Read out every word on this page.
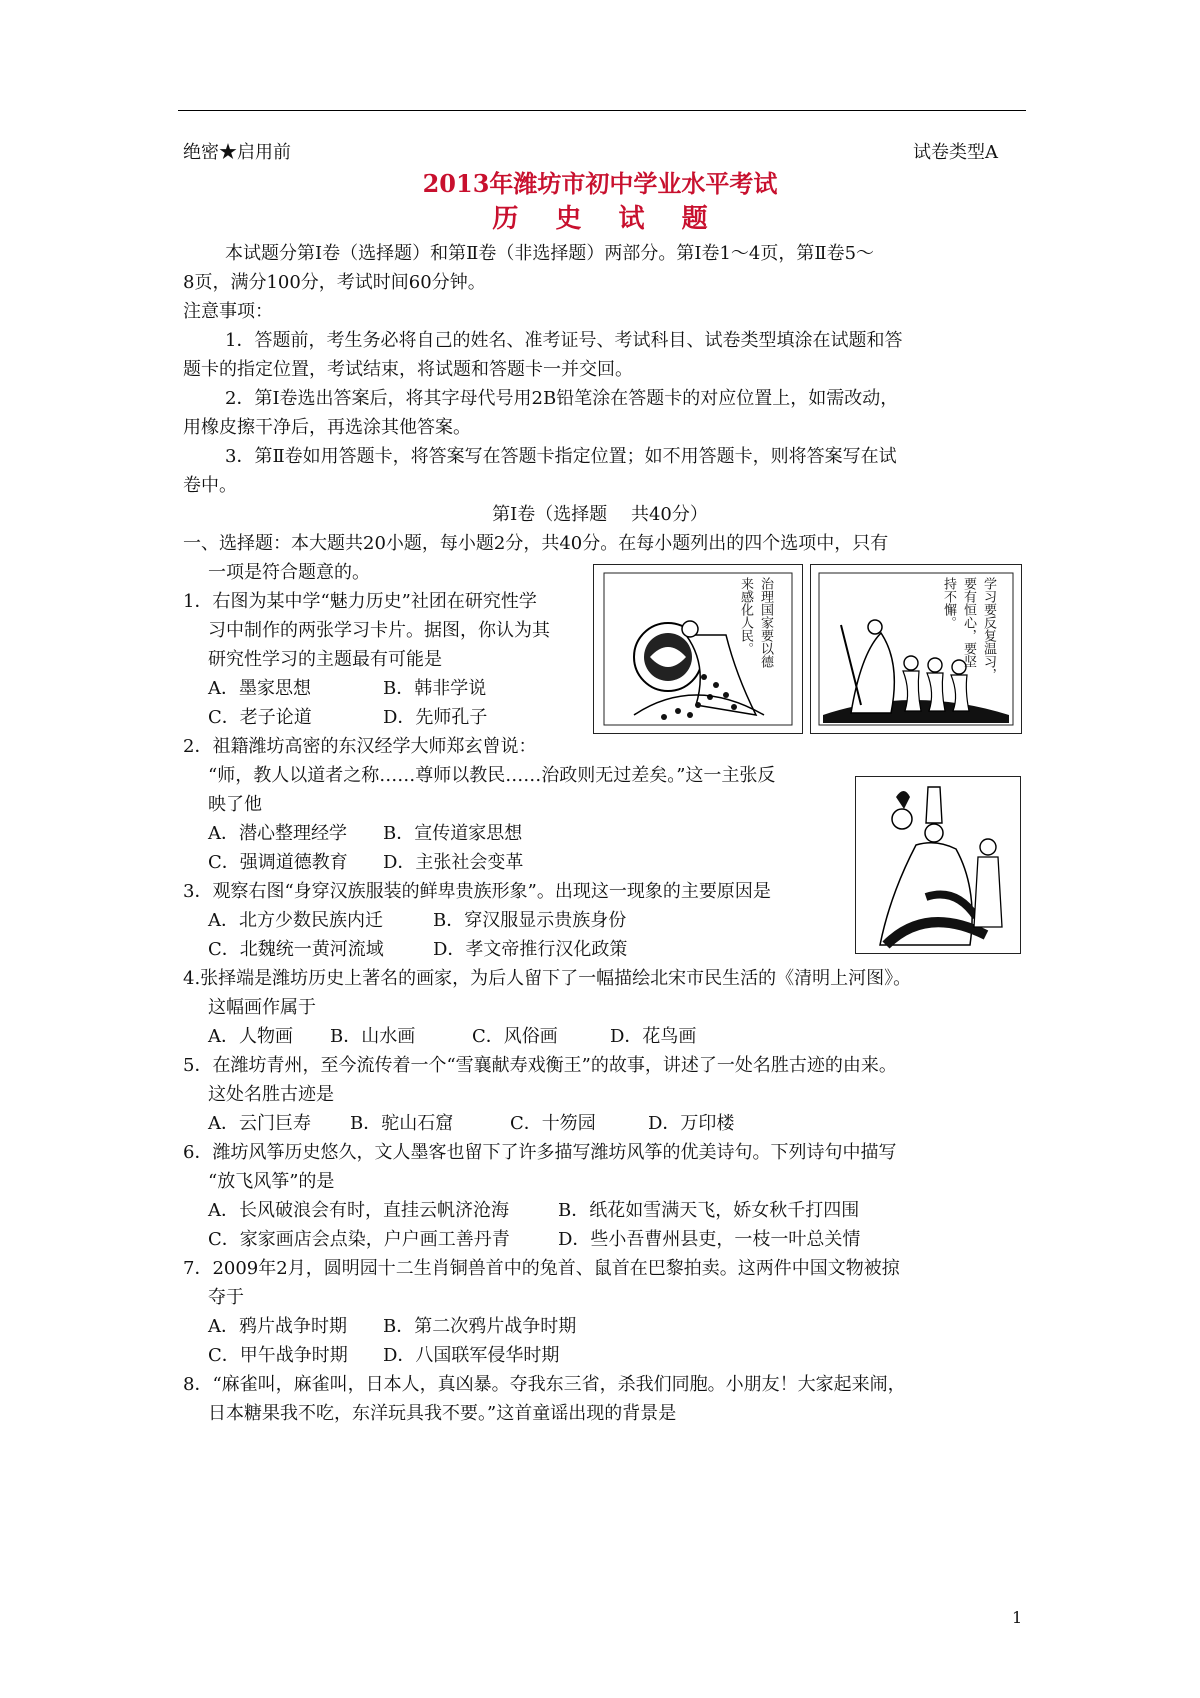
绝密★启用前	试卷类型A
2013年潍坊市初中学业水平考试
历 史 试 题
本试题分第Ⅰ卷（选择题）和第Ⅱ卷（非选择题）两部分。第Ⅰ卷1～4页，第Ⅱ卷5～
8页，满分100分，考试时间60分钟。
注意事项：
1．答题前，考生务必将自己的姓名、准考证号、考试科目、试卷类型填涂在试题和答
题卡的指定位置，考试结束，将试题和答题卡一并交回。
2．第Ⅰ卷选出答案后，将其字母代号用2B铅笔涂在答题卡的对应位置上，如需改动，
用橡皮擦干净后，再选涂其他答案。
3．第Ⅱ卷如用答题卡，将答案写在答题卡指定位置；如不用答题卡，则将答案写在试
卷中。
第Ⅰ卷（选择题　 共40分）
一、选择题：本大题共20小题，每小题2分，共40分。在每小题列出的四个选项中，只有
一项是符合题意的。
1．右图为某中学“魅力历史”社团在研究性学
习中制作的两张学习卡片。据图，你认为其
研究性学习的主题最有可能是
A．墨家思想	B．韩非学说
C．老子论道	D．先师孔子
治理国家要以德
来感化人民。	学习要反复温习，
要有恒心，要坚
持不懈。
2．祖籍潍坊高密的东汉经学大师郑玄曾说：
“师，教人以道者之称……尊师以教民……治政则无过差矣。”这一主张反
映了他
A．潜心整理经学 B．宣传道家思想
C．强调道德教育 D．主张社会变革
3．观察右图“身穿汉族服装的鲜卑贵族形象”。出现这一现象的主要原因是
A．北方少数民族内迁	B．穿汉服显示贵族身份
C．北魏统一黄河流域	D．孝文帝推行汉化政策
4.张择端是潍坊历史上著名的画家，为后人留下了一幅描绘北宋市民生活的《清明上河图》。
这幅画作属于
A．人物画 B．山水画	C．风俗画	D．花鸟画
5．在潍坊青州，至今流传着一个“雪襄献寿戏衡王”的故事，讲述了一处名胜古迹的由来。
这处名胜古迹是
A．云门巨寿 B．驼山石窟	C．十笏园	D．万印楼
6．潍坊风筝历史悠久，文人墨客也留下了许多描写潍坊风筝的优美诗句。下列诗句中描写
“放飞风筝”的是
A．长风破浪会有时，直挂云帆济沧海	B．纸花如雪满天飞，娇女秋千打四围
C．家家画店会点染，户户画工善丹青	D．些小吾曹州县吏，一枝一叶总关情
7．2009年2月，圆明园十二生肖铜兽首中的兔首、鼠首在巴黎拍卖。这两件中国文物被掠
夺于
A．鸦片战争时期 B．第二次鸦片战争时期
C．甲午战争时期 D．八国联军侵华时期
8．“麻雀叫，麻雀叫，日本人，真凶暴。夺我东三省，杀我们同胞。小朋友！大家起来闹，
日本糖果我不吃，东洋玩具我不要。”这首童谣出现的背景是
1
